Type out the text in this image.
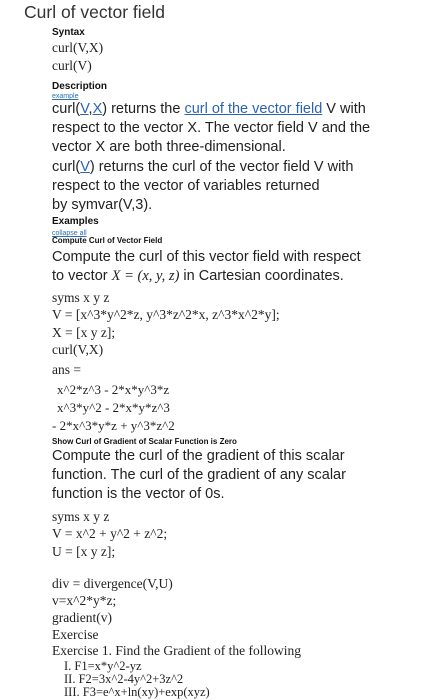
Curl of vector field
Syntax
curl(V,X)
curl(V)
Description
example
curl(V,X) returns the curl of the vector field V with
respect to the vector X. The vector field V and the
vector X are both three-dimensional.
curl(V) returns the curl of the vector field V with
respect to the vector of variables returned
by symvar(V,3).
Examples
collapse all
Compute Curl of Vector Field
Compute the curl of this vector field with respect
to vector X = (x, y, z) in Cartesian coordinates.
syms x y z
V = [x^3*y^2*z, y^3*z^2*x, z^3*x^2*y];
X = [x y z];
curl(V,X)
ans =
x^2*z^3 - 2*x*y^3*z
x^3*y^2 - 2*x*y*z^3
- 2*x^3*y*z + y^3*z^2
Show Curl of Gradient of Scalar Function is Zero
Compute the curl of the gradient of this scalar
function. The curl of the gradient of any scalar
function is the vector of 0s.
syms x y z
V = x^2 + y^2 + z^2;
U = [x y z];
div = divergence(V,U)
v=x^2*y*z;
gradient(v)
Exercise
Exercise 1. Find the Gradient of the following
I. F1=x*y^2-yz
II. F2=3x^2-4y^2+3z^2
III. F3=e^x+ln(xy)+exp(xyz)
